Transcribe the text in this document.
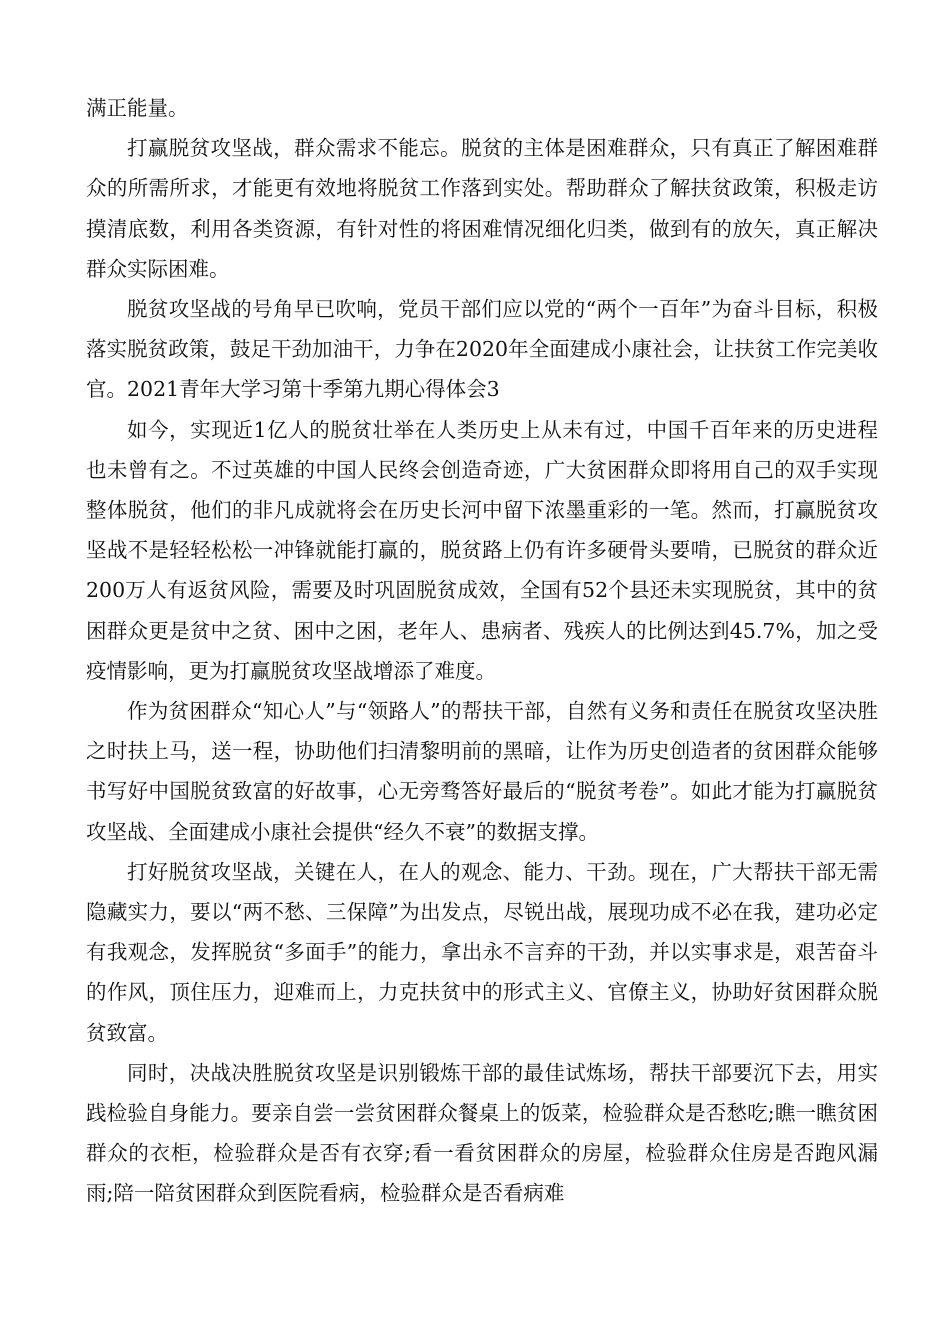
满正能量。

打赢脱贫攻坚战，群众需求不能忘。脱贫的主体是困难群众，只有真正了解困难群众的所需所求，才能更有效地将脱贫工作落到实处。帮助群众了解扶贫政策，积极走访摸清底数，利用各类资源，有针对性的将困难情况细化归类，做到有的放矢，真正解决群众实际困难。

脱贫攻坚战的号角早已吹响，党员干部们应以党的“两个一百年”为奋斗目标，积极落实脱贫政策，鼓足干劲加油干，力争在2020年全面建成小康社会，让扶贫工作完美收官。2021青年大学习第十季第九期心得体会3

如今，实现近1亿人的脱贫壮举在人类历史上从未有过，中国千百年来的历史进程也未曾有之。不过英雄的中国人民终会创造奇迹，广大贫困群众即将用自己的双手实现整体脱贫，他们的非凡成就将会在历史长河中留下浓墨重彩的一笔。然而，打赢脱贫攻坚战不是轻轻松松一冲锋就能打赢的，脱贫路上仍有许多硬骨头要啃，已脱贫的群众近200万人有返贫风险，需要及时巩固脱贫成效，全国有52个县还未实现脱贫，其中的贫困群众更是贫中之贫、困中之困，老年人、患病者、残疾人的比例达到45.7%，加之受疫情影响，更为打赢脱贫攻坚战增添了难度。

作为贫困群众“知心人”与“领路人”的帮扶干部，自然有义务和责任在脱贫攻坚决胜之时扶上马，送一程，协助他们扫清黎明前的黑暗，让作为历史创造者的贫困群众能够书写好中国脱贫致富的好故事，心无旁骛答好最后的“脱贫考卷”。如此才能为打赢脱贫攻坚战、全面建成小康社会提供“经久不衰”的数据支撑。

打好脱贫攻坚战，关键在人，在人的观念、能力、干劲。现在，广大帮扶干部无需隐藏实力，要以“两不愁、三保障”为出发点，尽锐出战，展现功成不必在我，建功必定有我观念，发挥脱贫“多面手”的能力，拿出永不言弃的干劲，并以实事求是，艰苦奋斗的作风，顶住压力，迎难而上，力克扶贫中的形式主义、官僚主义，协助好贫困群众脱贫致富。

同时，决战决胜脱贫攻坚是识别锻炼干部的最佳试炼场，帮扶干部要沉下去，用实践检验自身能力。要亲自尝一尝贫困群众餐桌上的饭菜，检验群众是否愁吃;瞧一瞧贫困群众的衣柜，检验群众是否有衣穿;看一看贫困群众的房屋，检验群众住房是否跑风漏雨;陪一陪贫困群众到医院看病，检验群众是否看病难
